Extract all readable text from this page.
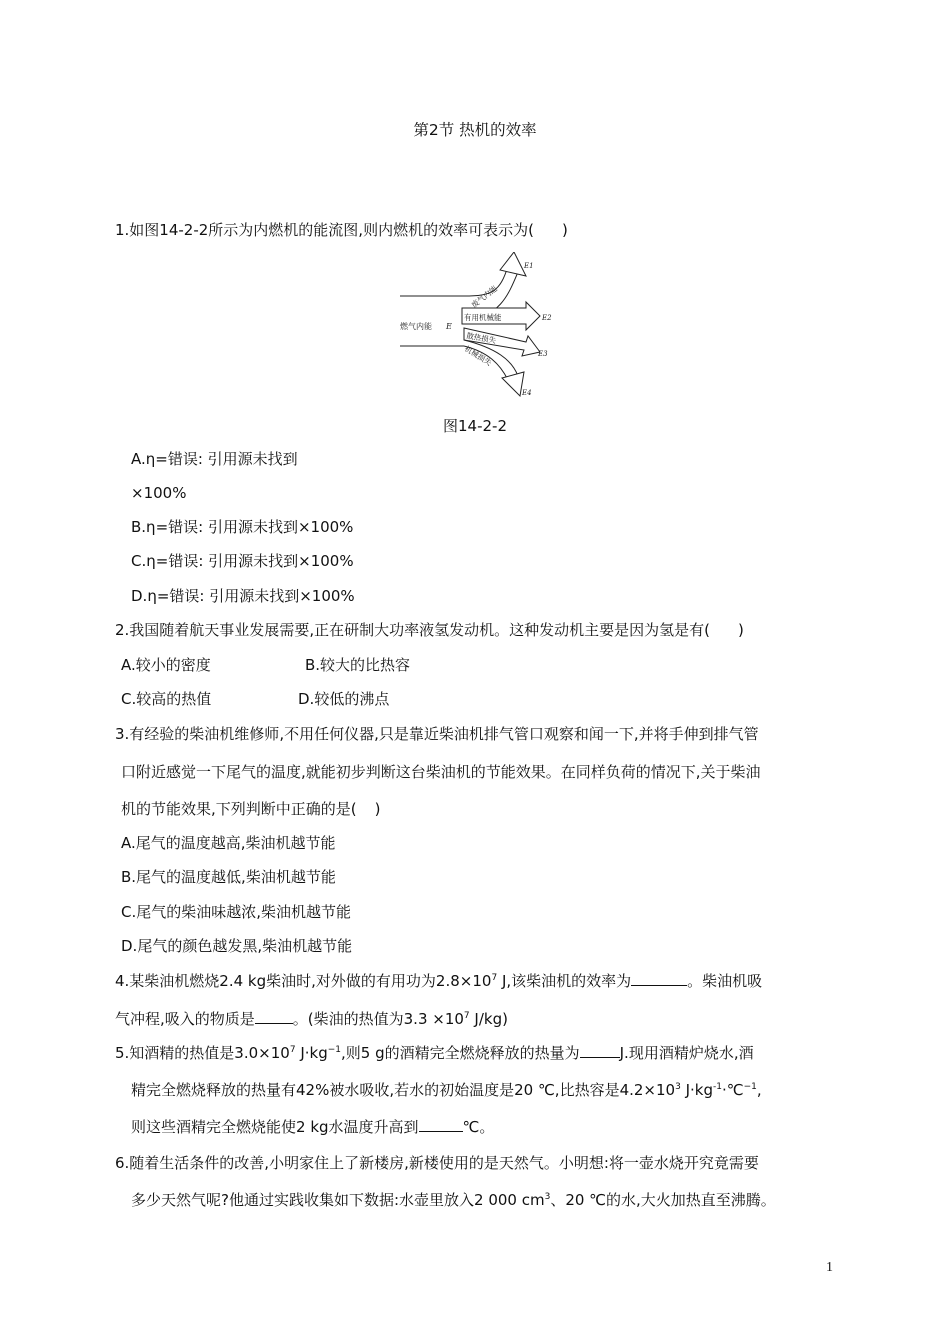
第2节 热机的效率
1.如图14-2-2所示为内燃机的能流图,则内燃机的效率可表示为( )
燃气内能 E
废气内能
有用机械能
散热损失
机械损失
E1
E2
E3
E4
图14-2-2
A.η=错误: 引用源未找到
×100%
B.η=错误: 引用源未找到×100%
C.η=错误: 引用源未找到×100%
D.η=错误: 引用源未找到×100%
2.我国随着航天事业发展需要,正在研制大功率液氢发动机。这种发动机主要是因为氢是有( )
A.较小的密度	B.较大的比热容
C.较高的热值	D.较低的沸点
3.有经验的柴油机维修师,不用任何仪器,只是靠近柴油机排气管口观察和闻一下,并将手伸到排气管
口附近感觉一下尾气的温度,就能初步判断这台柴油机的节能效果。在同样负荷的情况下,关于柴油
机的节能效果,下列判断中正确的是( )
A.尾气的温度越高,柴油机越节能
B.尾气的温度越低,柴油机越节能
C.尾气的柴油味越浓,柴油机越节能
D.尾气的颜色越发黑,柴油机越节能
4.某柴油机燃烧2.4 kg柴油时,对外做的有用功为$2.8\times 10^7$ J,该柴油机的效率为	。柴油机吸
气冲程,吸入的物质是	。(柴油的热值为$3.3 \times 10^7$ J/kg)
5.知酒精的热值是$3.0\times 10^7$ $J\cdot kg^{-1}$,则5 g的酒精完全燃烧释放的热量为	J.现用酒精炉烧水,酒
精完全燃烧释放的热量有42%被水吸收,若水的初始温度是20 ℃,比热容是$4.2\times 10^3$ $J\cdot kg^{-1}\cdot℃^{-1}$,
则这些酒精完全燃烧能使2 kg水温度升高到	℃。
6.随着生活条件的改善,小明家住上了新楼房,新楼使用的是天然气。小明想:将一壶水烧开究竟需要
多少天然气呢?他通过实践收集如下数据:水壶里放入2 000 $cm^3$、20 ℃的水,大火加热直至沸腾。
1
